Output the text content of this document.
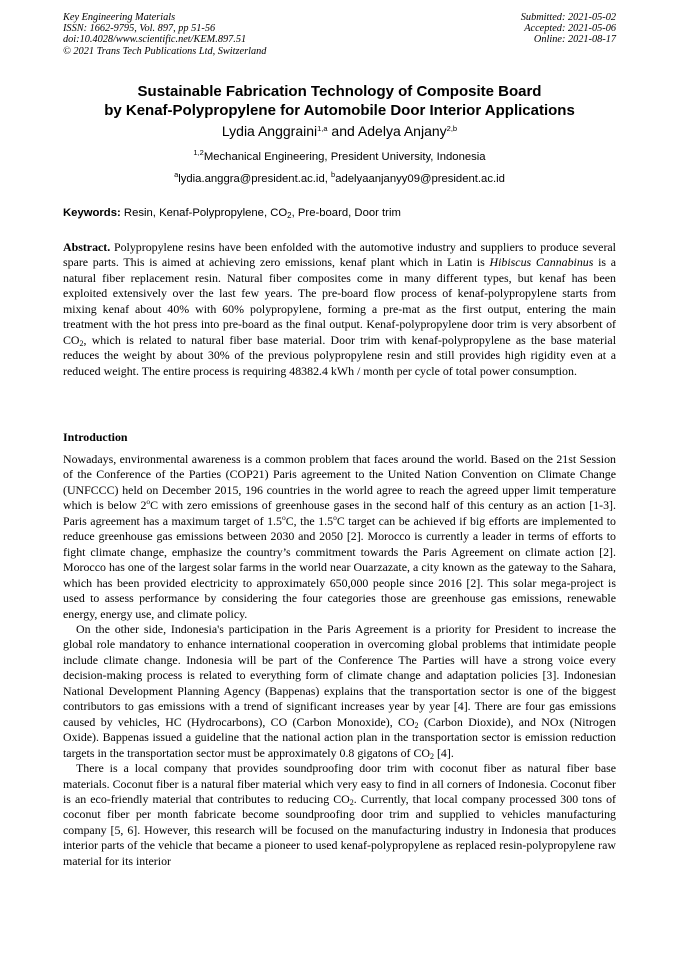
Key Engineering Materials
ISSN: 1662-9795, Vol. 897, pp 51-56
doi:10.4028/www.scientific.net/KEM.897.51
© 2021 Trans Tech Publications Ltd, Switzerland
Submitted: 2021-05-02
Accepted: 2021-05-06
Online: 2021-08-17
Sustainable Fabrication Technology of Composite Board
by Kenaf-Polypropylene for Automobile Door Interior Applications
Lydia Anggraini$^{1,a}$ and Adelya Anjany$^{2,b}$
$^{1,2}$Mechanical Engineering, President University, Indonesia
$^a$lydia.anggra@president.ac.id, $^b$adelyaanjanyy09@president.ac.id
Keywords: Resin, Kenaf-Polypropylene, $CO_2$, Pre-board, Door trim
Abstract. Polypropylene resins have been enfolded with the automotive industry and suppliers to produce several spare parts. This is aimed at achieving zero emissions, kenaf plant which in Latin is Hibiscus Cannabinus is a natural fiber replacement resin. Natural fiber composites come in many different types, but kenaf has been exploited extensively over the last few years. The pre-board flow process of kenaf-polypropylene starts from mixing kenaf about 40% with 60% polypropylene, forming a pre-mat as the first output, entering the main treatment with the hot press into pre-board as the final output. Kenaf-polypropylene door trim is very absorbent of $CO_2$, which is related to natural fiber base material. Door trim with kenaf-polypropylene as the base material reduces the weight by about 30% of the previous polypropylene resin and still provides high rigidity even at a reduced weight. The entire process is requiring 48382.4 kWh / month per cycle of total power consumption.
Introduction

Nowadays, environmental awareness is a common problem that faces around the world. Based on the 21st Session of the Conference of the Parties (COP21) Paris agreement to the United Nation Convention on Climate Change (UNFCCC) held on December 2015, 196 countries in the world agree to reach the agreed upper limit temperature which is below 2$^o$C with zero emissions of greenhouse gases in the second half of this century as an action [1-3]. Paris agreement has a maximum target of 1.5$^o$C, the 1.5$^o$C target can be achieved if big efforts are implemented to reduce greenhouse gas emissions between 2030 and 2050 [2]. Morocco is currently a leader in terms of efforts to fight climate change, emphasize the country’s commitment towards the Paris Agreement on climate action [2]. Morocco has one of the largest solar farms in the world near Ouarzazate, a city known as the gateway to the Sahara, which has been provided electricity to approximately 650,000 people since 2016 [2]. This solar mega-project is used to assess performance by considering the four categories those are greenhouse gas emissions, renewable energy, energy use, and climate policy.

On the other side, Indonesia's participation in the Paris Agreement is a priority for President to increase the global role mandatory to enhance international cooperation in overcoming global problems that intimidate people include climate change. Indonesia will be part of the Conference The Parties will have a strong voice every decision-making process is related to everything form of climate change and adaptation policies [3]. Indonesian National Development Planning Agency (Bappenas) explains that the transportation sector is one of the biggest contributors to gas emissions with a trend of significant increases year by year [4]. There are four gas emissions caused by vehicles, HC (Hydrocarbons), CO (Carbon Monoxide), $CO_2$ (Carbon Dioxide), and NOx (Nitrogen Oxide). Bappenas issued a guideline that the national action plan in the transportation sector is emission reduction targets in the transportation sector must be approximately 0.8 gigatons of $CO_2$ [4].

There is a local company that provides soundproofing door trim with coconut fiber as natural fiber base materials. Coconut fiber is a natural fiber material which very easy to find in all corners of Indonesia. Coconut fiber is an eco-friendly material that contributes to reducing $CO_2$. Currently, that local company processed 300 tons of coconut fiber per month fabricate become soundproofing door trim and supplied to vehicles manufacturing company [5, 6]. However, this research will be focused on the manufacturing industry in Indonesia that produces interior parts of the vehicle that became a pioneer to used kenaf-polypropylene as replaced resin-polypropylene raw material for its interior
